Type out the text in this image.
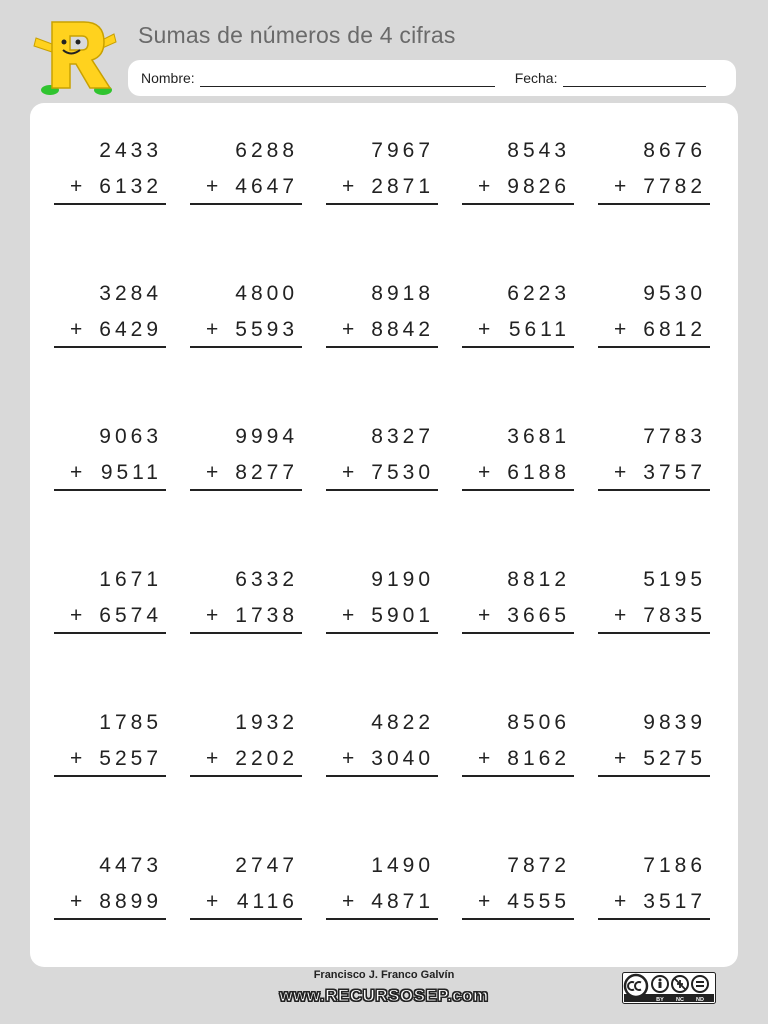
Sumas de números de 4 cifras
Nombre:	Fecha:
2433
+ 6132
6288
+ 4647
7967
+ 2871
8543
+ 9826
8676
+ 7782
3284
+ 6429
4800
+ 5593
8918
+ 8842
6223
+ 5611
9530
+ 6812
9063
+ 9511
9994
+ 8277
8327
+ 7530
3681
+ 6188
7783
+ 3757
1671
+ 6574
6332
+ 1738
9190
+ 5901
8812
+ 3665
5195
+ 7835
1785
+ 5257
1932
+ 2202
4822
+ 3040
8506
+ 8162
9839
+ 5275
4473
+ 8899
2747
+ 4116
1490
+ 4871
7872
+ 4555
7186
+ 3517
Francisco J. Franco Galvín
www.RECURSOSEP.com	BY NC ND
